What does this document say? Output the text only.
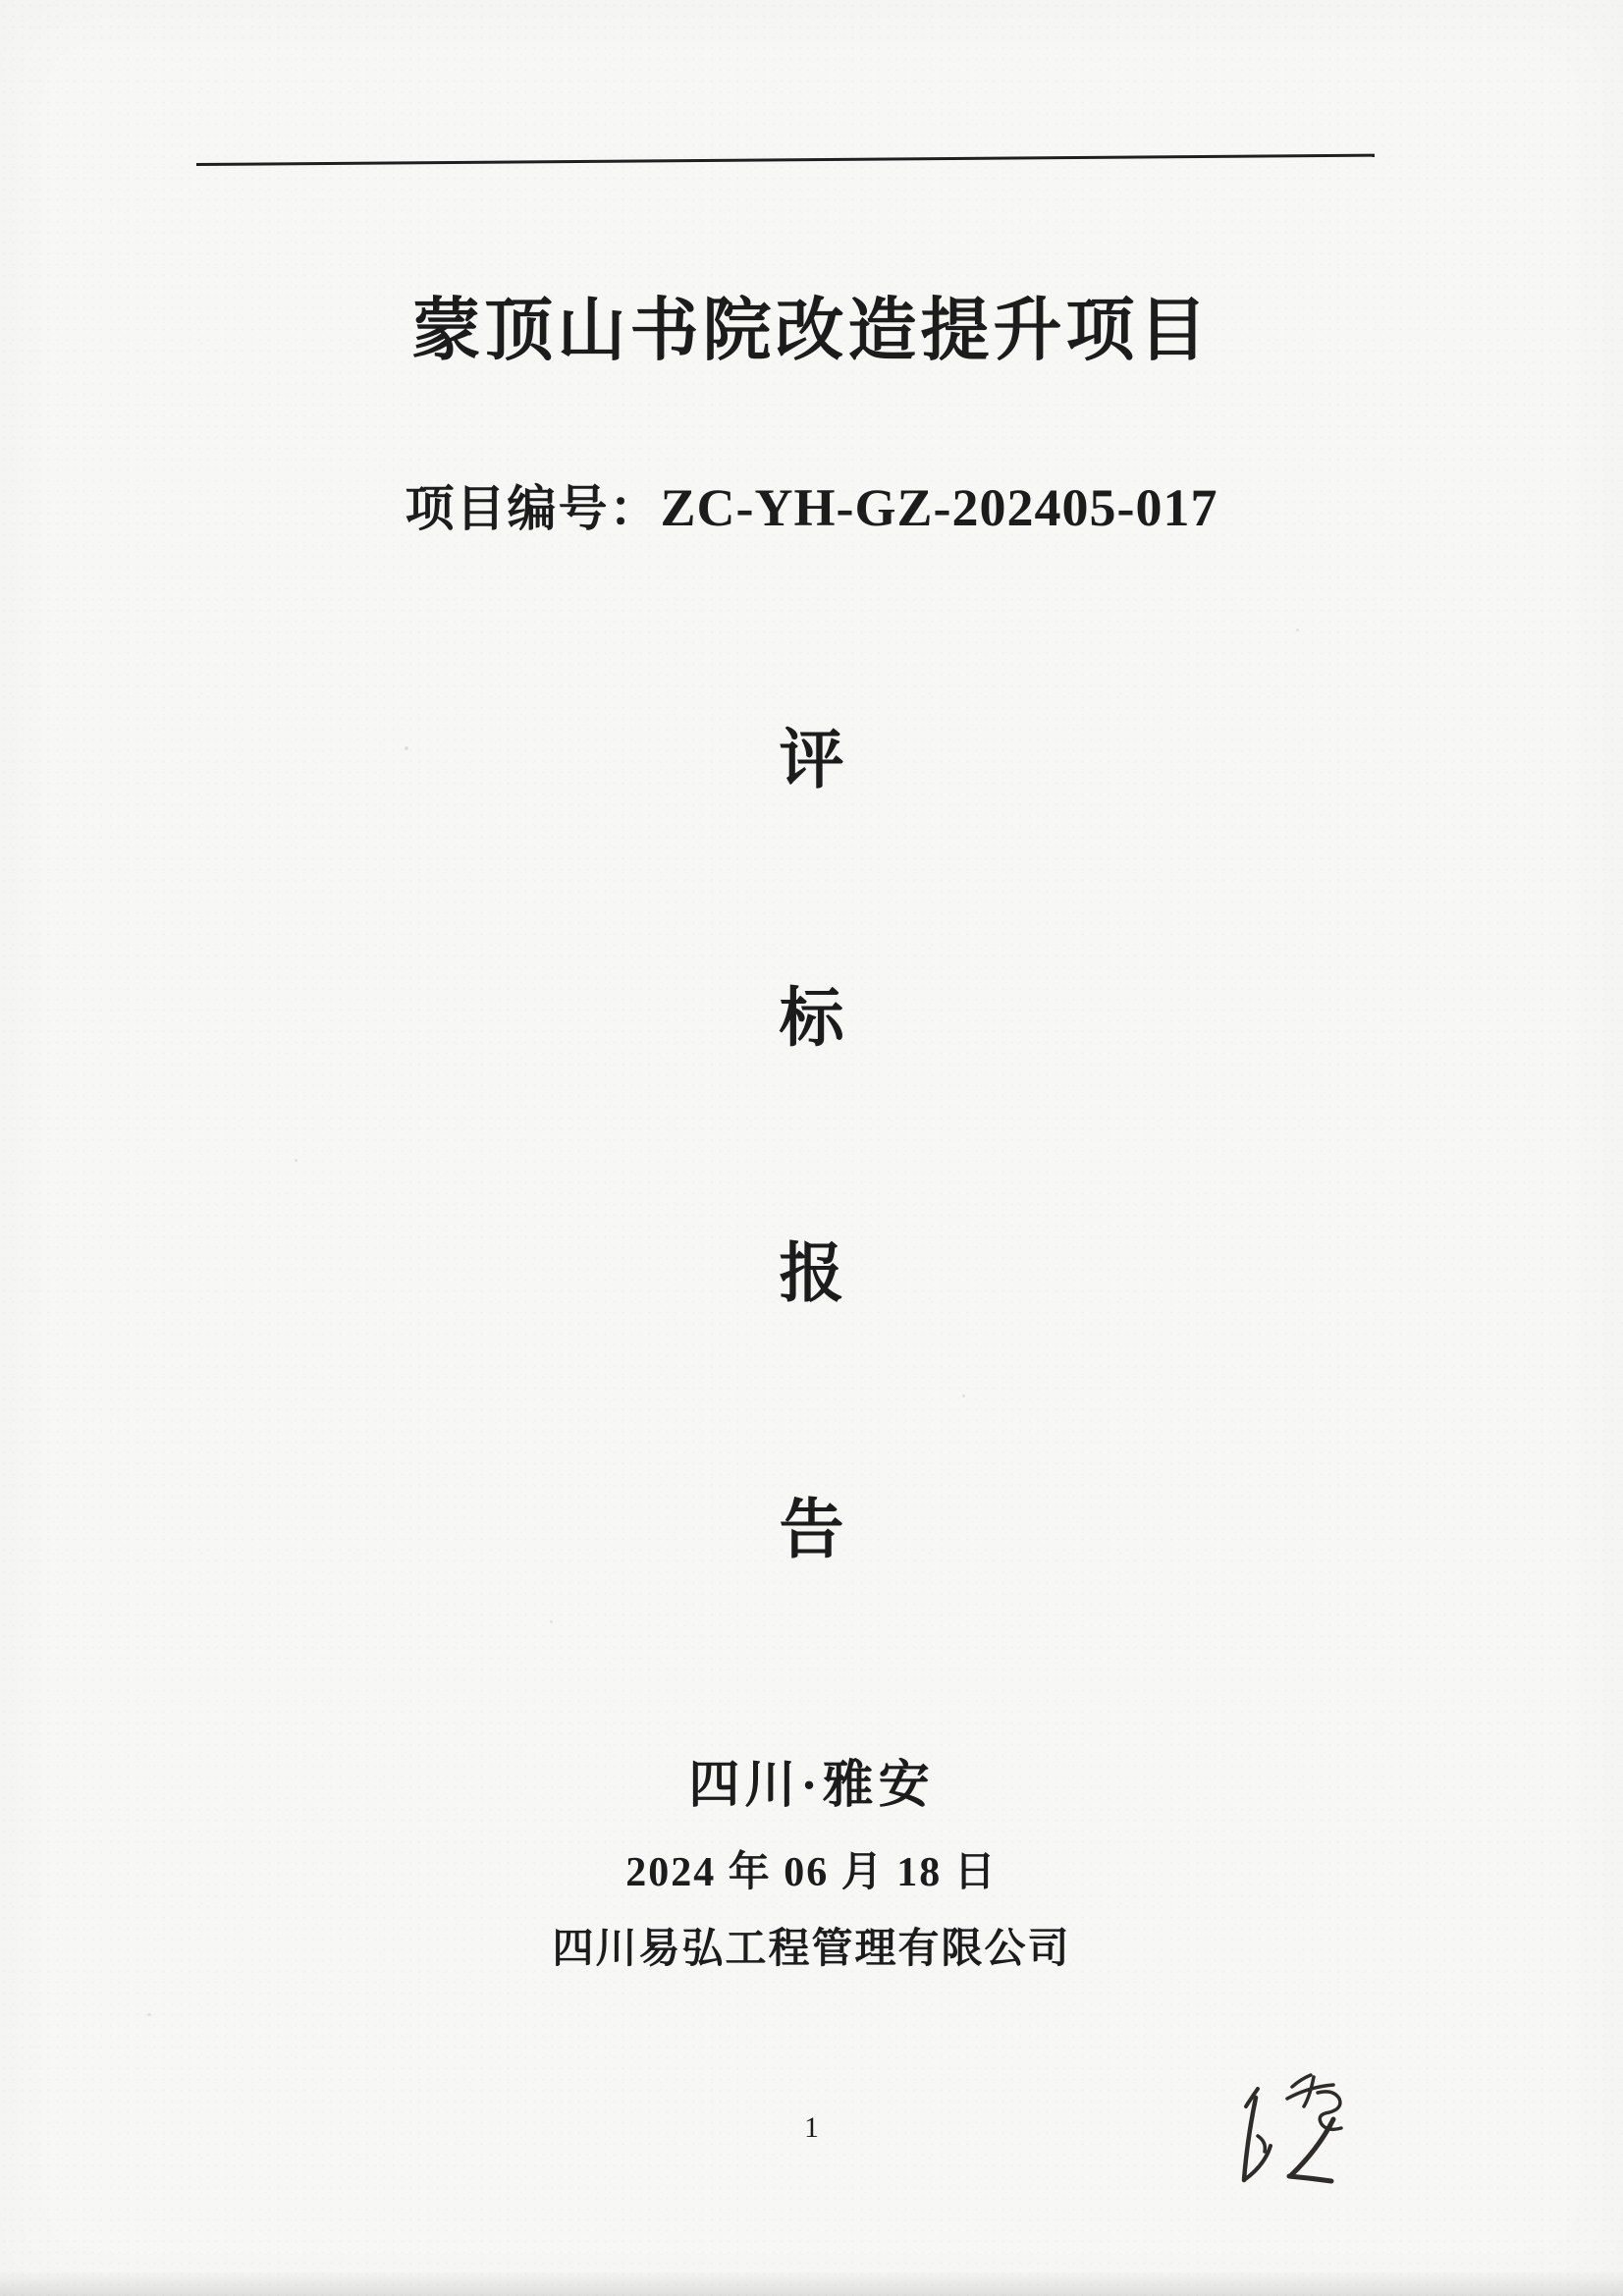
蒙顶山书院改造提升项目
项目编号：ZC-YH-GZ-202405-017
评
标
报
告
四川·雅安
2024 年 06 月 18 日
四川易弘工程管理有限公司
1
